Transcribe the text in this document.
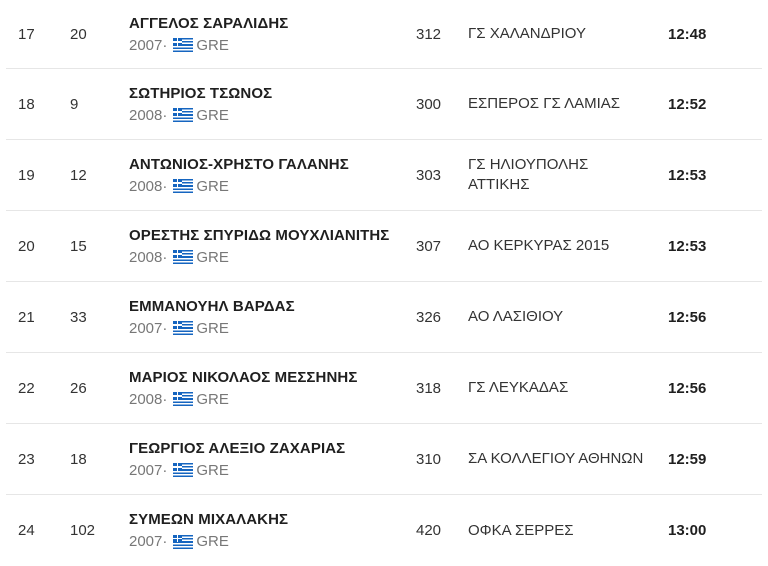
17 20
ΑΓΓΕΛΟΣ ΣΑΡΑΛΙΔΗΣ
2007 · GRE
312 ΓΣ ΧΑΛΑΝΔΡΙΟΥ	12:48
18 9
ΣΩΤΗΡΙΟΣ ΤΣΩΝΟΣ
2008 · GRE
300 ΕΣΠΕΡΟΣ ΓΣ ΛΑΜΙΑΣ	12:52
19 12
ΑΝΤΩΝΙΟΣ-ΧΡΗΣΤΟ ΓΑΛΑΝΗΣ
2008 · GRE
303
ΓΣ ΗΛΙΟΥΠΟΛΗΣ ΑΤΤΙΚΗΣ
12:53
20 15
ΟΡΕΣΤΗΣ ΣΠΥΡΙΔΩ ΜΟΥΧΛΙΑΝΙΤΗΣ
2008 · GRE
307 ΑΟ ΚΕΡΚΥΡΑΣ 2015	12:53
21 33
ΕΜΜΑΝΟΥΗΛ ΒΑΡΔΑΣ
2007 · GRE
326 ΑΟ ΛΑΣΙΘΙΟΥ	12:56
22 26
ΜΑΡΙΟΣ ΝΙΚΟΛΑΟΣ ΜΕΣΣΗΝΗΣ
2008 · GRE
318 ΓΣ ΛΕΥΚΑΔΑΣ	12:56
23 18
ΓΕΩΡΓΙΟΣ ΑΛΕΞΙΟ ΖΑΧΑΡΙΑΣ
2007 · GRE
310 ΣΑ ΚΟΛΛΕΓΙΟΥ ΑΘΗΝΩΝ	12:59
24 102
ΣΥΜΕΩΝ ΜΙΧΑΛΑΚΗΣ
2007 · GRE
420 ΟΦΚΑ ΣΕΡΡΕΣ	13:00
